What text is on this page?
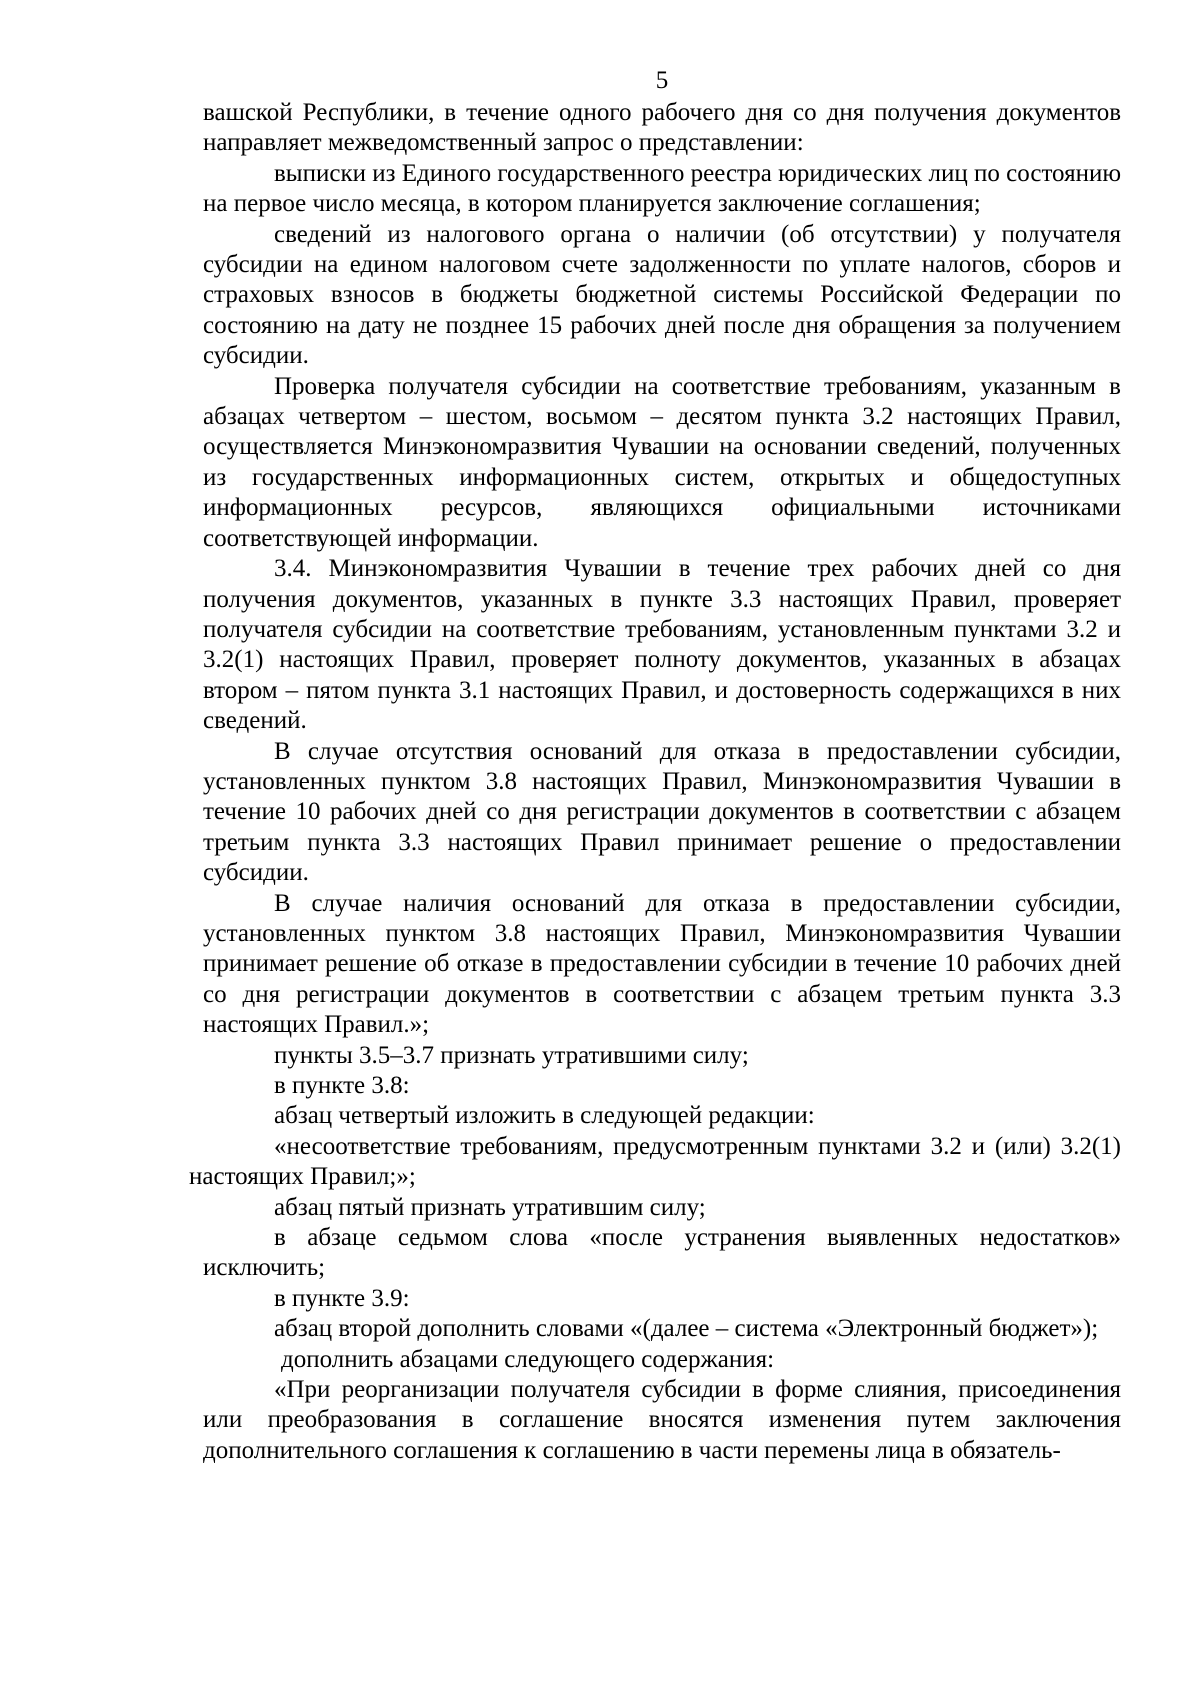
5

вашской Республики, в течение одного рабочего дня со дня получения документов направляет межведомственный запрос о представлении:

выписки из Единого государственного реестра юридических лиц по состоянию на первое число месяца, в котором планируется заключение соглашения;

сведений из налогового органа о наличии (об отсутствии) у получателя субсидии на едином налоговом счете задолженности по уплате налогов, сборов и страховых взносов в бюджеты бюджетной системы Российской Федерации по состоянию на дату не позднее 15 рабочих дней после дня обращения за получением субсидии.

Проверка получателя субсидии на соответствие требованиям, указанным в абзацах четвертом – шестом, восьмом – десятом пункта 3.2 настоящих Правил, осуществляется Минэкономразвития Чувашии на основании сведений, полученных из государственных информационных систем, открытых и общедоступных информационных ресурсов, являющихся официальными источниками соответствующей информации.

3.4. Минэкономразвития Чувашии в течение трех рабочих дней со дня получения документов, указанных в пункте 3.3 настоящих Правил, проверяет получателя субсидии на соответствие требованиям, установленным пунктами 3.2 и 3.2(1) настоящих Правил, проверяет полноту документов, указанных в абзацах втором – пятом пункта 3.1 настоящих Правил, и достоверность содержащихся в них сведений.

В случае отсутствия оснований для отказа в предоставлении субсидии, установленных пунктом 3.8 настоящих Правил, Минэкономразвития Чувашии в течение 10 рабочих дней со дня регистрации документов в соответствии с абзацем третьим пункта 3.3 настоящих Правил принимает решение о предоставлении субсидии.

В случае наличия оснований для отказа в предоставлении субсидии, установленных пунктом 3.8 настоящих Правил, Минэкономразвития Чувашии принимает решение об отказе в предоставлении субсидии в течение 10 рабочих дней со дня регистрации документов в соответствии с абзацем третьим пункта 3.3 настоящих Правил.»;

пункты 3.5–3.7 признать утратившими силу;

в пункте 3.8:

абзац четвертый изложить в следующей редакции:

«несоответствие требованиям, предусмотренным пунктами 3.2 и (или) 3.2(1) настоящих Правил;»;

абзац пятый признать утратившим силу;

в абзаце седьмом слова «после устранения выявленных недостатков» исключить;

в пункте 3.9:

абзац второй дополнить словами «(далее – система «Электронный бюджет»);

дополнить абзацами следующего содержания:

«При реорганизации получателя субсидии в форме слияния, присоединения или преобразования в соглашение вносятся изменения путем заключения дополнительного соглашения к соглашению в части перемены лица в обязатель-
